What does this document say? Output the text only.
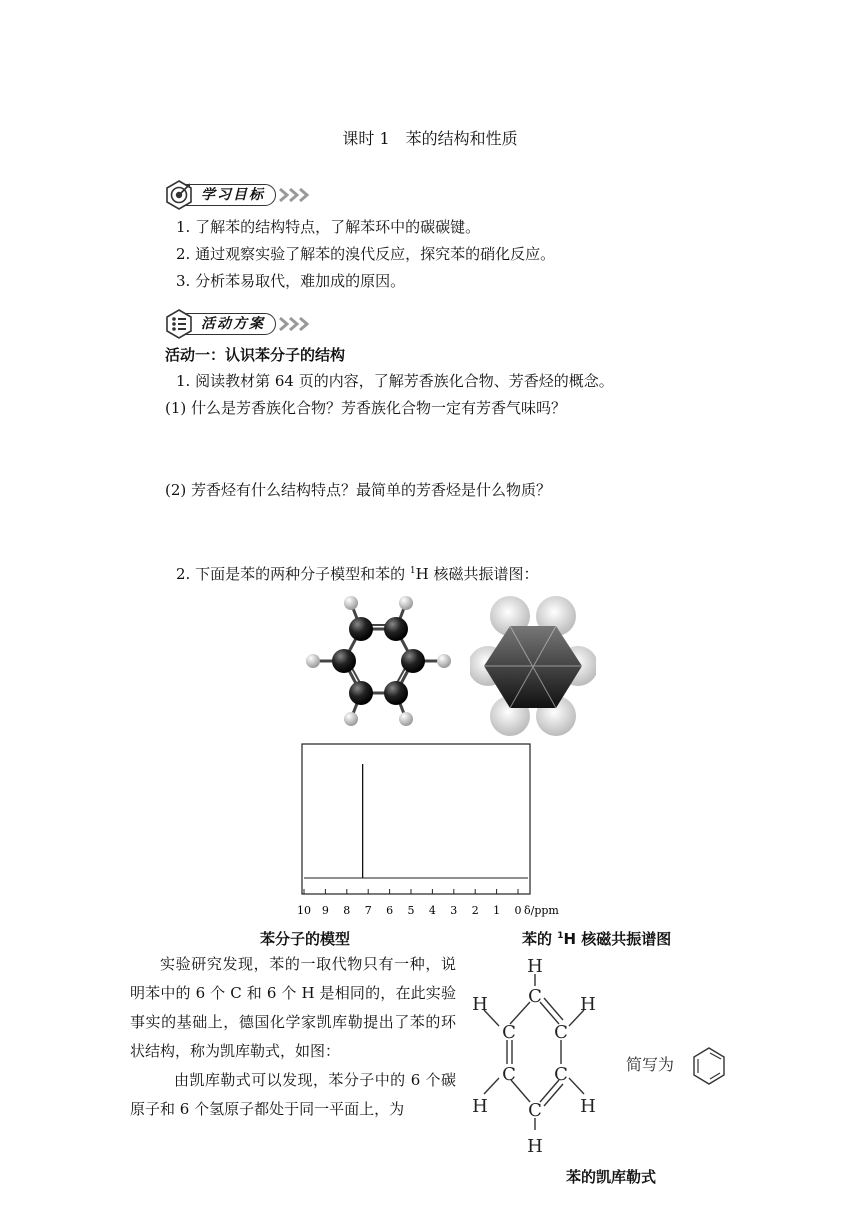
课时 1　苯的结构和性质
学习目标
1. 了解苯的结构特点，了解苯环中的碳碳键。
2. 通过观察实验了解苯的溴代反应，探究苯的硝化反应。
3. 分析苯易取代，难加成的原因。
活动方案
活动一：认识苯分子的结构
1. 阅读教材第 64 页的内容，了解芳香族化合物、芳香烃的概念。
(1) 什么是芳香族化合物？芳香族化合物一定有芳香气味吗？
(2) 芳香烃有什么结构特点？最简单的芳香烃是什么物质？
2. 下面是苯的两种分子模型和苯的 $^1$H 核磁共振谱图：
10 9 8 7 6 5 4 3 2 1 0 δ/ppm
苯分子的模型	苯的 $^1$H 核磁共振谱图
实验研究发现，苯的一取代物只有一种，说明苯中的 6 个 C 和 6 个 H 是相同的，在此实验事实的基础上，德国化学家凯库勒提出了苯的环状结构，称为凯库勒式，如图：
由凯库勒式可以发现，苯分子中的 6 个碳原子和 6 个氢原子都处于同一平面上，为
H
C H
C
C
H
C
H
C
H
C
H
简写为
苯的凯库勒式
